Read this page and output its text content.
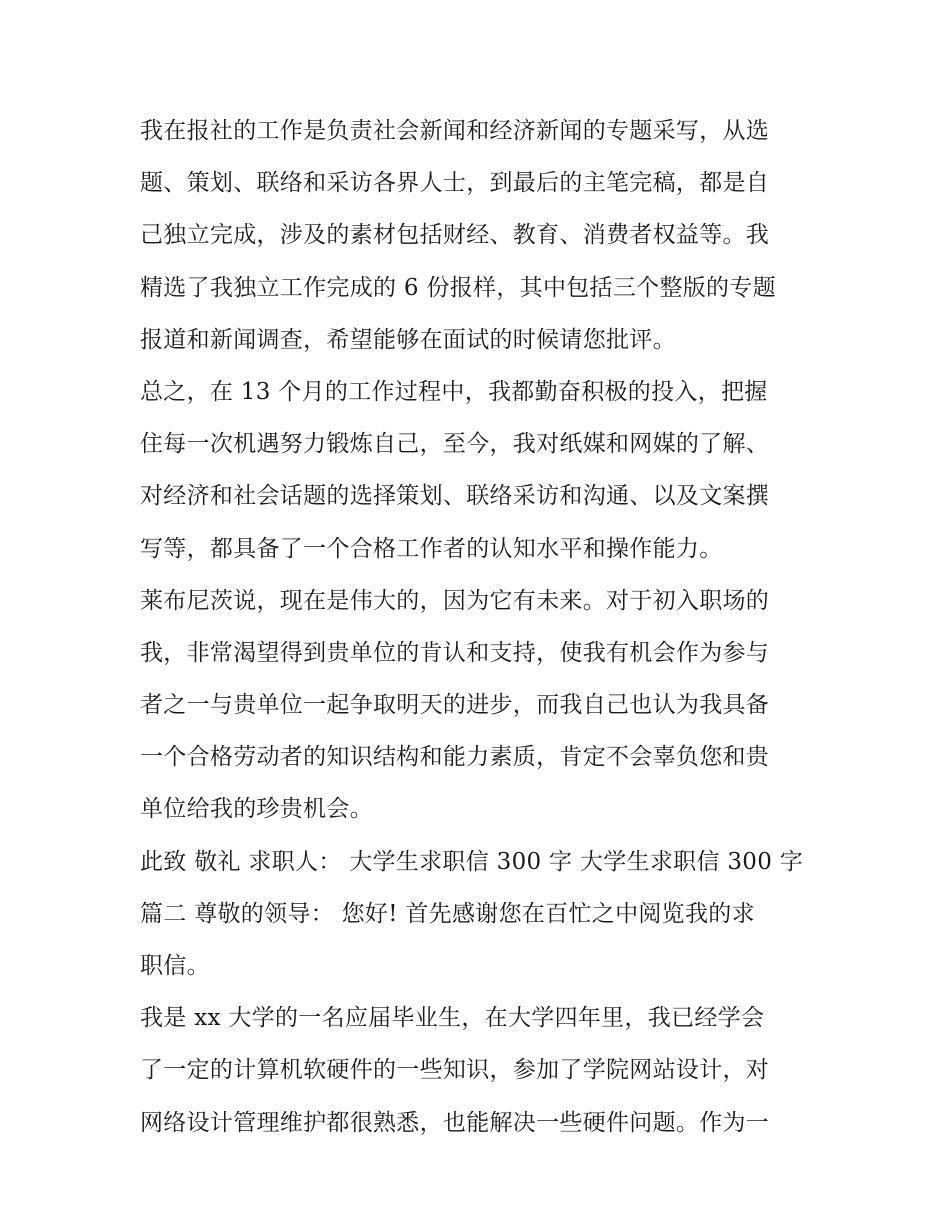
我在报社的工作是负责社会新闻和经济新闻的专题采写，从选
题、策划、联络和采访各界人士，到最后的主笔完稿，都是自
己独立完成，涉及的素材包括财经、教育、消费者权益等。我
精选了我独立工作完成的 6 份报样，其中包括三个整版的专题
报道和新闻调查，希望能够在面试的时候请您批评。
总之，在 13 个月的工作过程中，我都勤奋积极的投入，把握
住每一次机遇努力锻炼自己，至今，我对纸媒和网媒的了解、
对经济和社会话题的选择策划、联络采访和沟通、以及文案撰
写等，都具备了一个合格工作者的认知水平和操作能力。
莱布尼茨说，现在是伟大的，因为它有未来。对于初入职场的
我，非常渴望得到贵单位的肯认和支持，使我有机会作为参与
者之一与贵单位一起争取明天的进步，而我自己也认为我具备
一个合格劳动者的知识结构和能力素质，肯定不会辜负您和贵
单位给我的珍贵机会。
此致 敬礼 求职人： 大学生求职信 300 字 大学生求职信 300 字
篇二 尊敬的领导： 您好! 首先感谢您在百忙之中阅览我的求
职信。
我是 xx 大学的一名应届毕业生，在大学四年里，我已经学会
了一定的计算机软硬件的一些知识，参加了学院网站设计，对
网络设计管理维护都很熟悉，也能解决一些硬件问题。作为一
